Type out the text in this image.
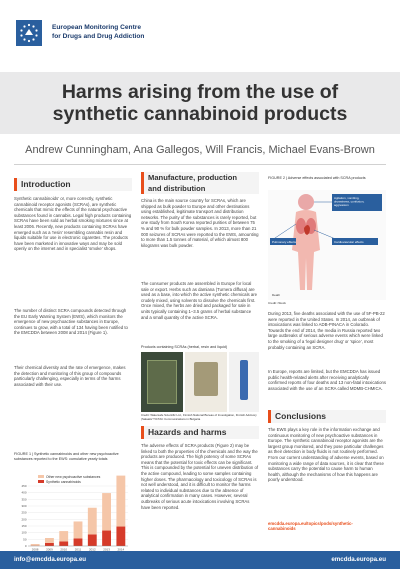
European Monitoring Centre
for Drugs and Drug Addiction
Harms arising from the use of
synthetic cannabinoid products
Andrew Cunningham, Ana Gallegos, Will Francis, Michael Evans-Brown
Introduction
Synthetic cannabinoids' or, more correctly, synthetic cannabinoid receptor agonists (SCRAs), are synthetic chemicals that mimic the effects of the natural psychoactive substances found in cannabis. Legal high products containing SCRAs have been sold as herbal smoking mixtures since at least 2006. Recently, new products containing SCRAs have emerged such as a 'resin' resembling cannabis resin and liquids suitable for use in electronic cigarettes. The products have been marketed in innovative ways and may be sold openly on the internet and in specialist 'smoke' shops.
The number of distinct SCRA compounds detected through the EU Early Warning System (EWS), which monitors the emergence of new psychoactive substances in Europe, continues to grow, with a total of 134 having been notified to the EMCDDA between 2008 and 2014 (Figure 1).
Their chemical diversity and the rate of emergence, makes the detection and monitoring of this group of compounds particularly challenging, especially in terms of the harms associated with their use.
FIGURE 1 | Synthetic cannabinoids and other new psychoactive substances reported to the EWS: cumulative yearly totals
0
50
100
150
200
250
300
350
400
450
2008	2009	2010	2011	2012	2013	2014
Other new psychoactive substances
Synthetic cannabinoids
Manufacture, production
and distribution
China is the main source country for SCRAs, which are shipped as bulk powder to Europe and other destinations using established, legitimate transport and distribution networks. The purity of the substances is rarely reported, but one study from South Korea reported purities of between 75 % and 90 % for bulk powder samples. In 2013, more than 21 000 seizures of SCRAs were reported to the EWS, amounting to more than 1.5 tonnes of material, of which almost 800 kilograms was bulk powder.
The consumer products are assembled in Europe for local sale or export. Herbs such as damiana (Turnera diffusa) are used as a base, into which the active synthetic chemicals are crudely mixed, using solvents to dissolve the chemicals first. Once mixed, the herbs are dried and packaged for sale in units typically containing 1–3.5 grams of herbal substance and a small quantity of the active SCRA.
Products containing SCRAs (herbal, resin and liquid)
Credit: Watersafe Scientific Ltd., Finnish National Bureau of Investigation, Finnish Advisory (Salaatti/ TICTAC Communications in Bulgaria
Hazards and harms
The adverse effects of SCRA products (Figure 2) may be linked to both the properties of the chemicals and the way the products are produced. The high potency of some SCRAs means that the potential for toxic effects can be significant. This is compounded by the potential for uneven distribution of the active compound, leading to some samples containing higher doses. The pharmacology and toxicology of SCRAs is not well understood, and it is difficult to monitor the harms related to individual substances due to the absence of analytical confirmation in many cases. However, several outbreaks of serious acute intoxications involving SCRAs have been reported.
FIGURE 2 | Adverse effects associated with SCRA products
Agitation, vomiting, drowsiness, confusion, aggression
Pulmonary effects	Cardiovascular effects
Death
Credit: iStock
During 2013, five deaths associated with the use of 5F-PB-22 were reported in the United States. In 2014, an outbreak of intoxications was linked to ADB-PINACA in Colorado. Towards the end of 2014, the media in Russia reported two large outbreaks of serious adverse events which were linked to the smoking of a 'legal designer drug' or 'spice', most probably containing an SCRA.
In Europe, reports are limited, but the EMCDDA has issued public health-related alerts after receiving analytically confirmed reports of four deaths and 13 non-fatal intoxications associated with the use of an SCRA called MDMB-CHMICA.
Conclusions
The EWS plays a key role in the information exchange and continuous monitoring of new psychoactive substances in Europe. The synthetic cannabinoid receptor agonists are the largest group monitored, and they pose particular challenges as their detection in body fluids is not routinely performed. From our current understanding of adverse events, based on monitoring a wide range of data sources, it is clear that these substances carry the potential to cause harm to human health, although the mechanisms of how this happens are poorly understood.
emcdda.europa.eu/topics/pods/synthetic-
cannabinoids
info@emcdda.europa.eu	emcdda.europa.eu
